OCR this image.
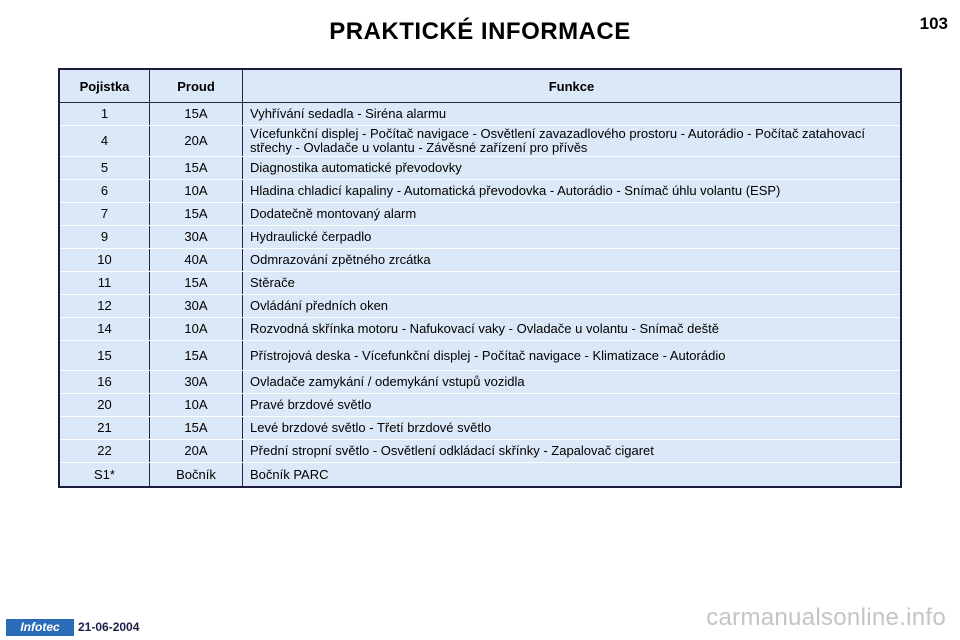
PRAKTICKÉ INFORMACE	103
Pojistka	Proud	Funkce
1	15A	Vyhřívání sedadla - Siréna alarmu
4	20A	Vícefunkční displej - Počítač navigace - Osvětlení zavazadlového prostoru - Autorádio - Počítač zatahovací střechy - Ovladače u volantu - Závěsné zařízení pro přívěs
5	15A	Diagnostika automatické převodovky
6	10A	Hladina chladicí kapaliny - Automatická převodovka - Autorádio - Snímač úhlu volantu (ESP)
7	15A	Dodatečně montovaný alarm
9	30A	Hydraulické čerpadlo
10	40A	Odmrazování zpětného zrcátka
11	15A	Stěrače
12	30A	Ovládání předních oken
14	10A	Rozvodná skřínka motoru - Nafukovací vaky - Ovladače u volantu - Snímač deště
15	15A	Přístrojová deska - Vícefunkční displej - Počítač navigace - Klimatizace - Autorádio
16	30A	Ovladače zamykání / odemykání vstupů vozidla
20	10A	Pravé brzdové světlo
21	15A	Levé brzdové světlo - Třetí brzdové světlo
22	20A	Přední stropní světlo - Osvětlení odkládací skřínky - Zapalovač cigaret
S1*	Bočník	Bočník PARC
Infotec	21-06-2004	carmanualsonline.info
